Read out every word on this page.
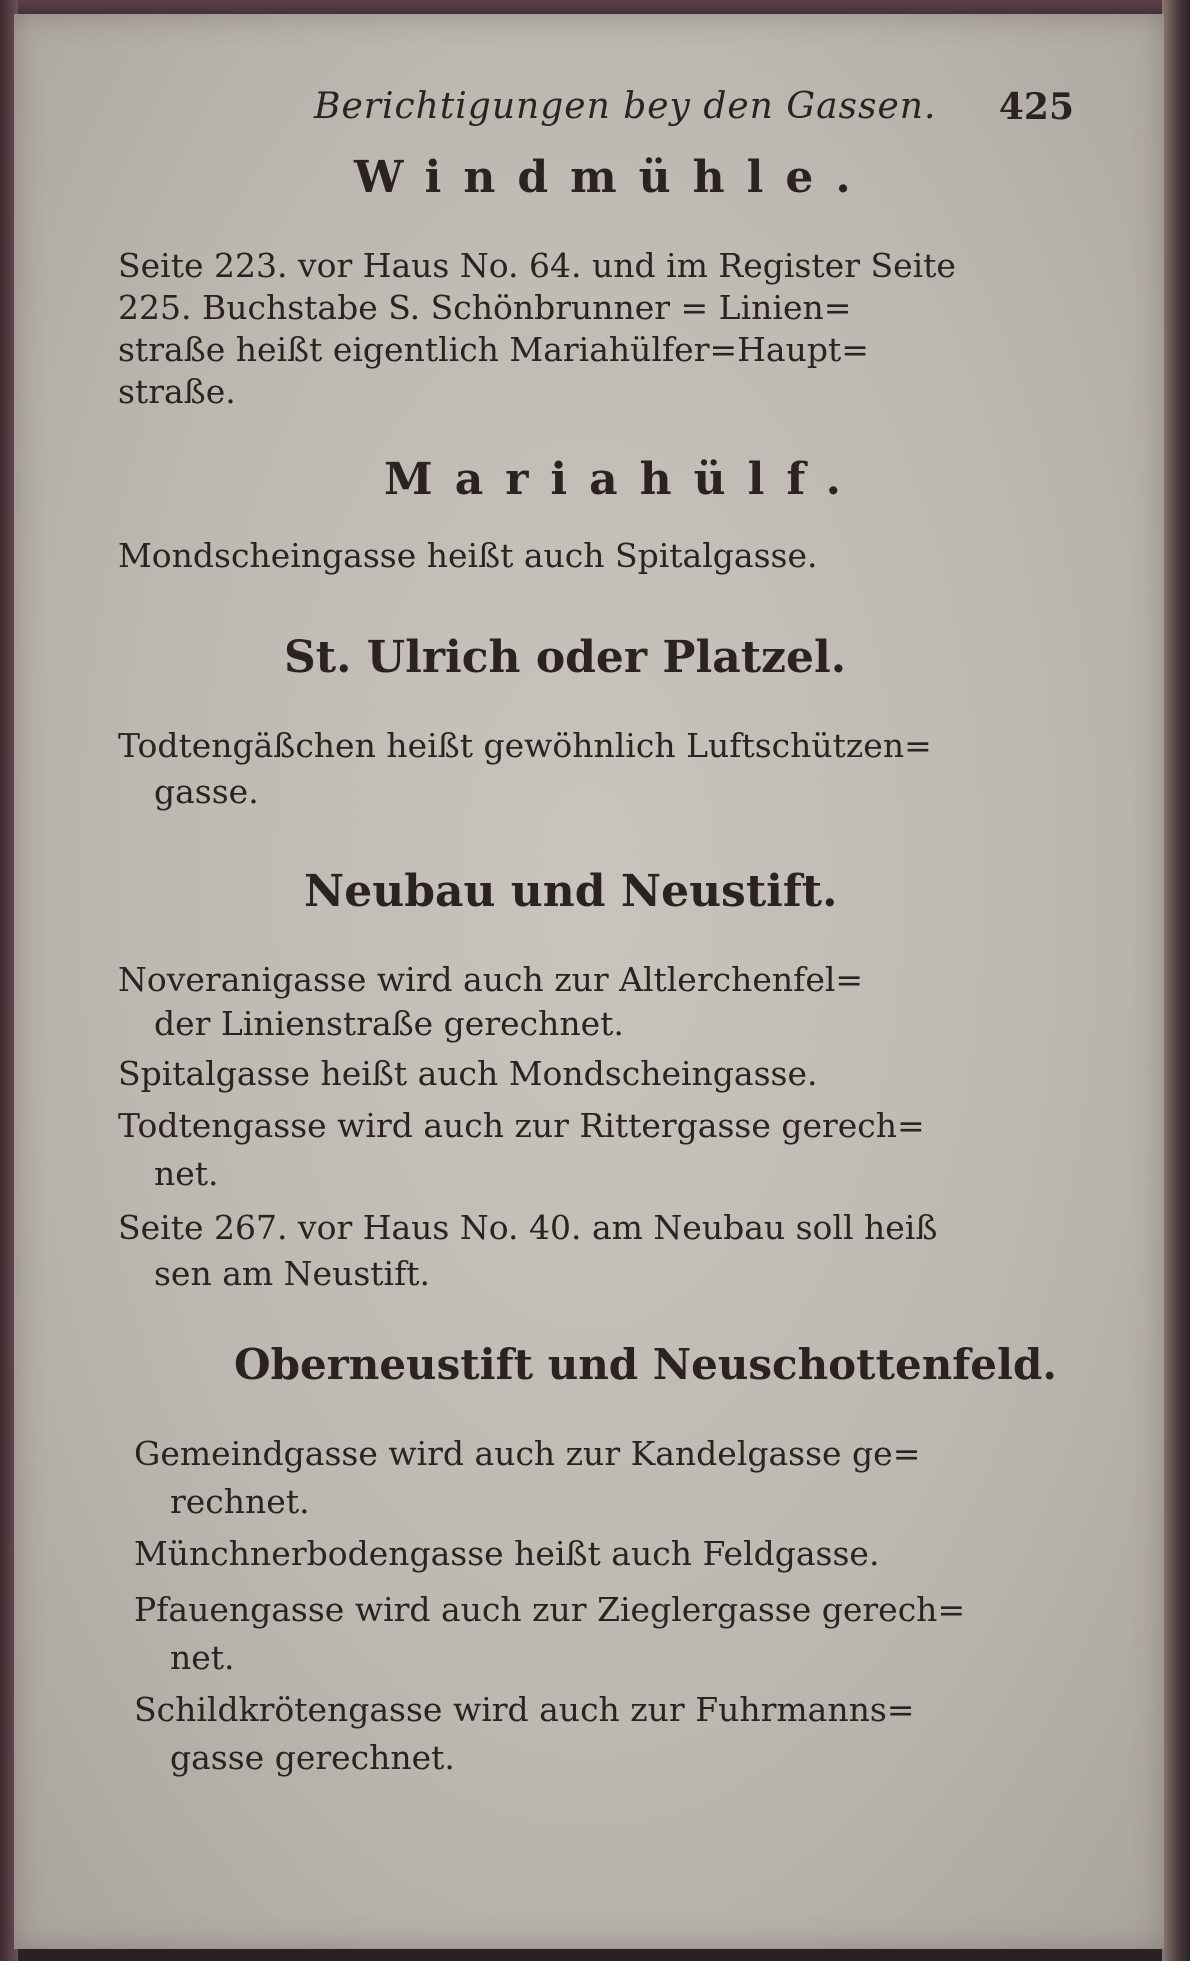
Berichtigungen bey den Gassen. 425
Windmühle.
Seite 223. vor Haus No. 64. und im Register Seite
225. Buchstabe S. Schönbrunner = Linien=
straße heißt eigentlich Mariahülfer=Haupt=
straße.
Mariahülf.
Mondscheingasse heißt auch Spitalgasse.
St. Ulrich oder Platzel.
Todtengäßchen heißt gewöhnlich Luftschützen=
gasse.
Neubau und Neustift.
Noveranigasse wird auch zur Altlerchenfel=
der Linienstraße gerechnet.
Spitalgasse heißt auch Mondscheingasse.
Todtengasse wird auch zur Rittergasse gerech=
net.
Seite 267. vor Haus No. 40. am Neubau soll heiß
sen am Neustift.
Oberneustift und Neuschottenfeld.
Gemeindgasse wird auch zur Kandelgasse ge=
rechnet.
Münchnerbodengasse heißt auch Feldgasse.
Pfauengasse wird auch zur Zieglergasse gerech=
net.
Schildkrötengasse wird auch zur Fuhrmanns=
gasse gerechnet.
